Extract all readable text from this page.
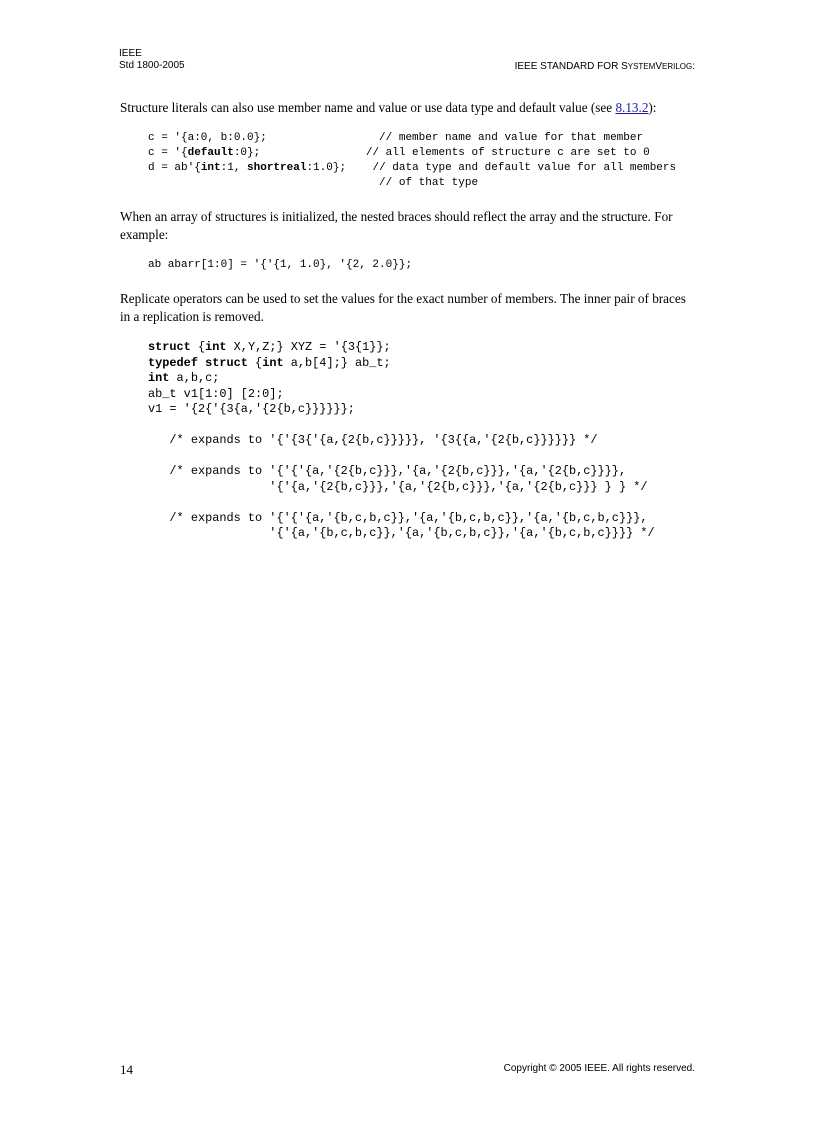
IEEE
Std 1800-2005	IEEE STANDARD FOR SYSTEMVERILOG:
Structure literals can also use member name and value or use data type and default value (see 8.13.2):
c = '{a:0, b:0.0};                 // member name and value for that member
c = '{default:0};                // all elements of structure c are set to 0
d = ab'{int:1, shortreal:1.0};    // data type and default value for all members
// of that type
When an array of structures is initialized, the nested braces should reflect the array and the structure. For example:
ab abarr[1:0] = '{'{1, 1.0}, '{2, 2.0}};
Replicate operators can be used to set the values for the exact number of members. The inner pair of braces in a replication is removed.
struct {int X,Y,Z;} XYZ = '{3{1}};
typedef struct {int a,b[4];} ab_t;
int a,b,c;
ab_t v1[1:0] [2:0];
v1 = '{2{'{3{a,'{2{b,c}}}}}};

/* expands to '{'{3{'{a,{2{b,c}}}}}, '{3{{a,'{2{b,c}}}}}} */

/* expands to '{'{'{a,'{2{b,c}}},'{a,'{2{b,c}}},'{a,'{2{b,c}}}},
'{'{a,'{2{b,c}}},'{a,'{2{b,c}}},'{a,'{2{b,c}}} } } */

/* expands to '{'{'{a,'{b,c,b,c}},'{a,'{b,c,b,c}},'{a,'{b,c,b,c}}},
'{'{a,'{b,c,b,c}},'{a,'{b,c,b,c}},'{a,'{b,c,b,c}}}} */
14	Copyright © 2005 IEEE. All rights reserved.
